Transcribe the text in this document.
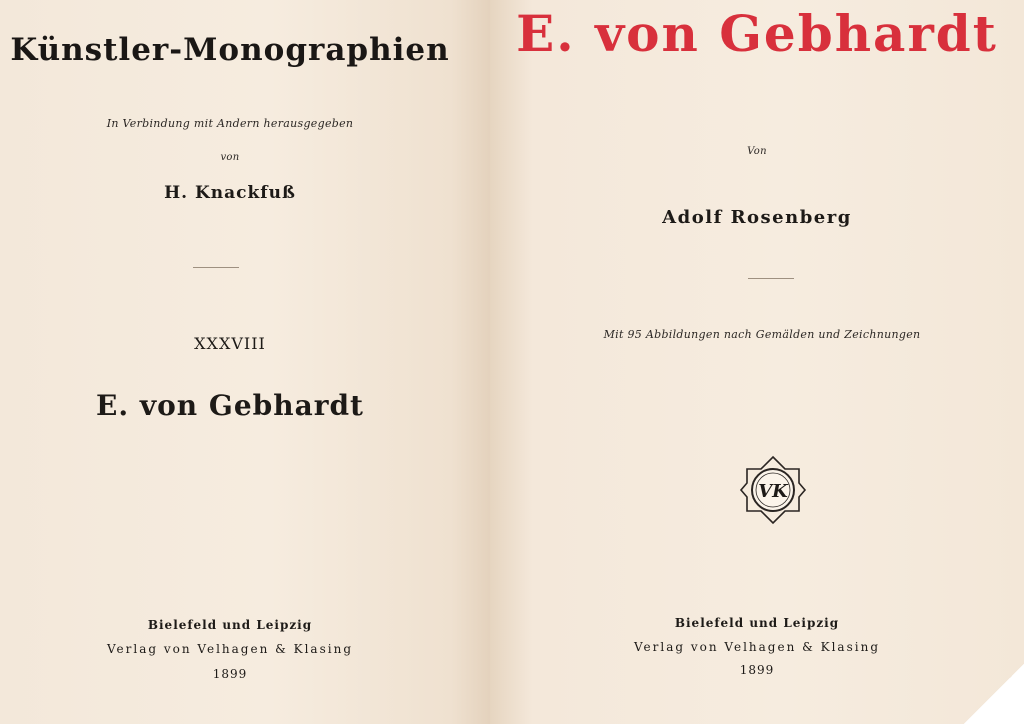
Künstler-Monographien

In Verbindung mit Andern herausgegeben

von

H. Knackfuß

XXXVIII

E. von Gebhardt

Bielefeld und Leipzig

Verlag von Velhagen & Klasing

1899

E. von Gebhardt

Von

Adolf Rosenberg

Mit 95 Abbildungen nach Gemälden und Zeichnungen

VK

Bielefeld und Leipzig

Verlag von Velhagen & Klasing

1899
